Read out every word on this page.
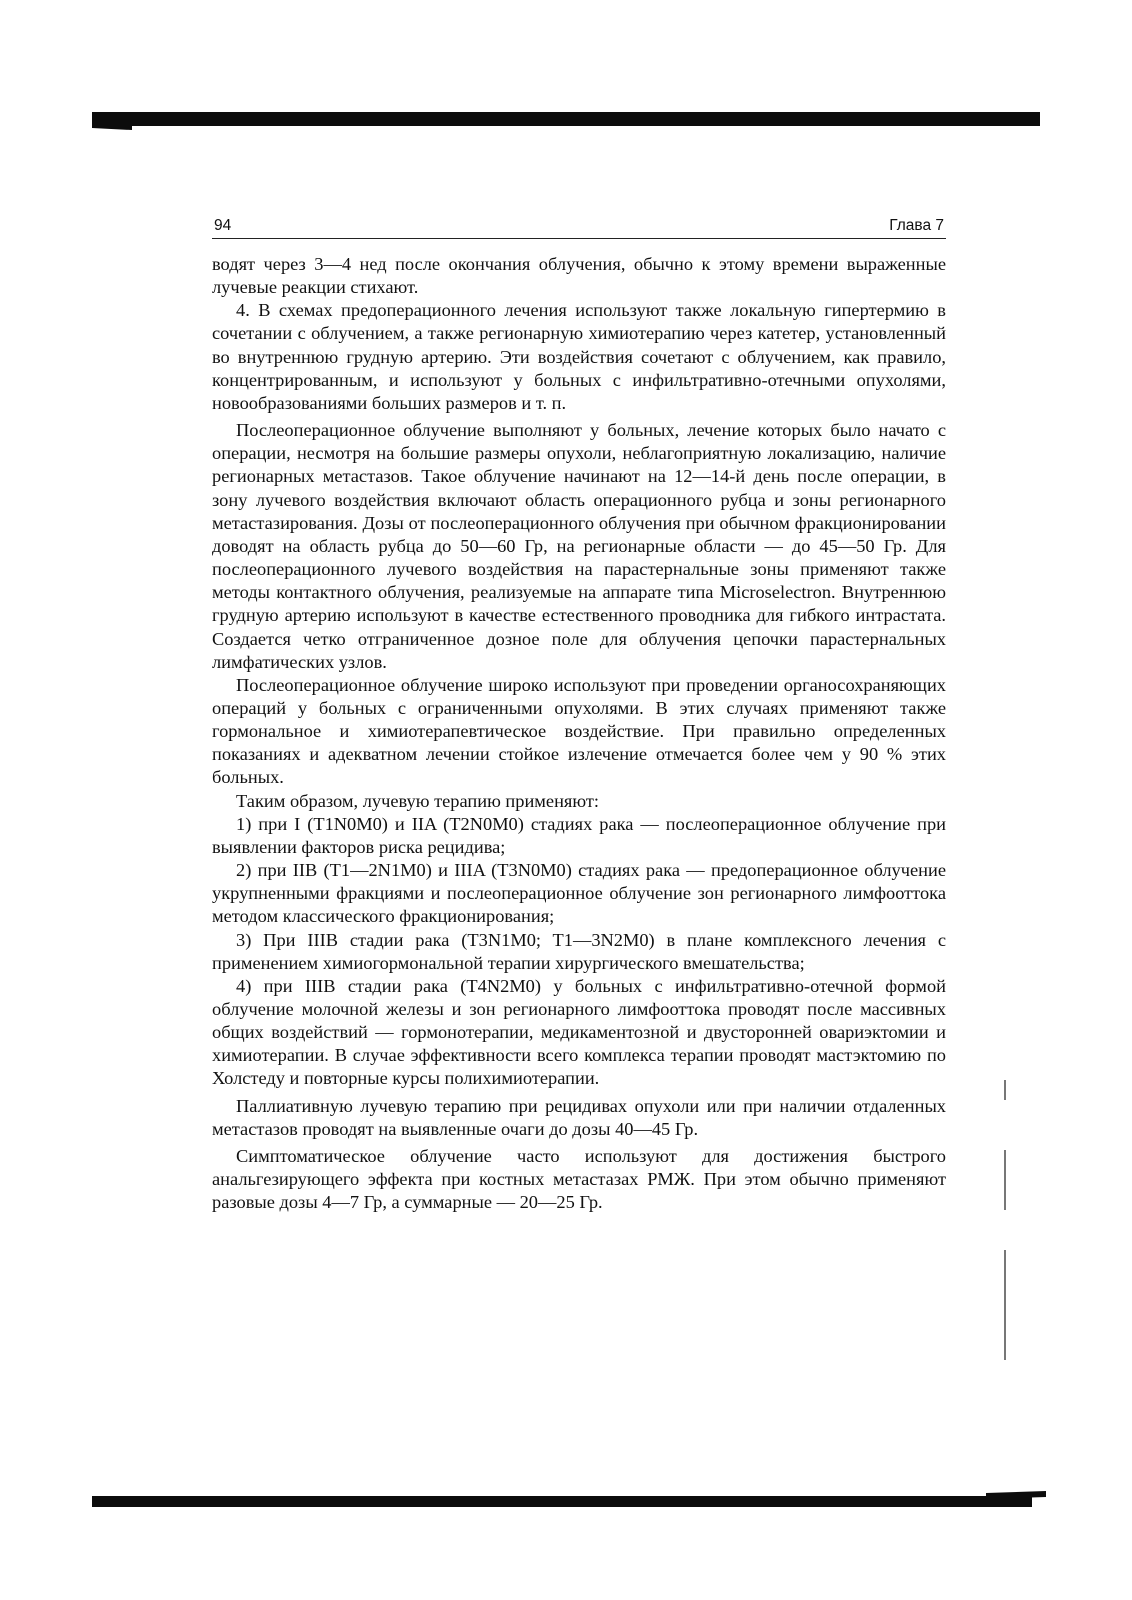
94	Глава 7

водят через 3—4 нед после окончания облучения, обычно к этому времени выраженные лучевые реакции стихают.

4. В схемах предоперационного лечения используют также локальную гипертермию в сочетании с облучением, а также регионарную химиотерапию через катетер, установленный во внутреннюю грудную артерию. Эти воздействия сочетают с облучением, как правило, концентрированным, и используют у больных с инфильтративно-отечными опухолями, новообразованиями больших размеров и т. п.

Послеоперационное облучение выполняют у больных, лечение которых было начато с операции, несмотря на большие размеры опухоли, неблагоприятную локализацию, наличие регионарных метастазов. Такое облучение начинают на 12—14-й день после операции, в зону лучевого воздействия включают область операционного рубца и зоны регионарного метастазирования. Дозы от послеоперационного облучения при обычном фракционировании доводят на область рубца до 50—60 Гр, на регионарные области — до 45—50 Гр. Для послеоперационного лучевого воздействия на парастернальные зоны применяют также методы контактного облучения, реализуемые на аппарате типа Microselectron. Внутреннюю грудную артерию используют в качестве естественного проводника для гибкого интрастата. Создается четко отграниченное дозное поле для облучения цепочки парастернальных лимфатических узлов.

Послеоперационное облучение широко используют при проведении органосохраняющих операций у больных с ограниченными опухолями. В этих случаях применяют также гормональное и химиотерапевтическое воздействие. При правильно определенных показаниях и адекватном лечении стойкое излечение отмечается более чем у 90 % этих больных.

Таким образом, лучевую терапию применяют:

1) при I (T1N0M0) и IIA (T2N0M0) стадиях рака — послеоперационное облучение при выявлении факторов риска рецидива;

2) при IIB (T1—2N1M0) и IIIA (T3N0M0) стадиях рака — предоперационное облучение укрупненными фракциями и послеоперационное облучение зон регионарного лимфооттока методом классического фракционирования;

3) При IIIB стадии рака (T3N1M0; T1—3N2M0) в плане комплексного лечения с применением химиогормональной терапии хирургического вмешательства;

4) при IIIB стадии рака (T4N2M0) у больных с инфильтративно-отечной формой облучение молочной железы и зон регионарного лимфооттока проводят после массивных общих воздействий — гормонотерапии, медикаментозной и двусторонней овариэктомии и химиотерапии. В случае эффективности всего комплекса терапии проводят мастэктомию по Холстеду и повторные курсы полихимиотерапии.

Паллиативную лучевую терапию при рецидивах опухоли или при наличии отдаленных метастазов проводят на выявленные очаги до дозы 40—45 Гр.

Симптоматическое облучение часто используют для достижения быстрого анальгезирующего эффекта при костных метастазах РМЖ. При этом обычно применяют разовые дозы 4—7 Гр, а суммарные — 20—25 Гр.
